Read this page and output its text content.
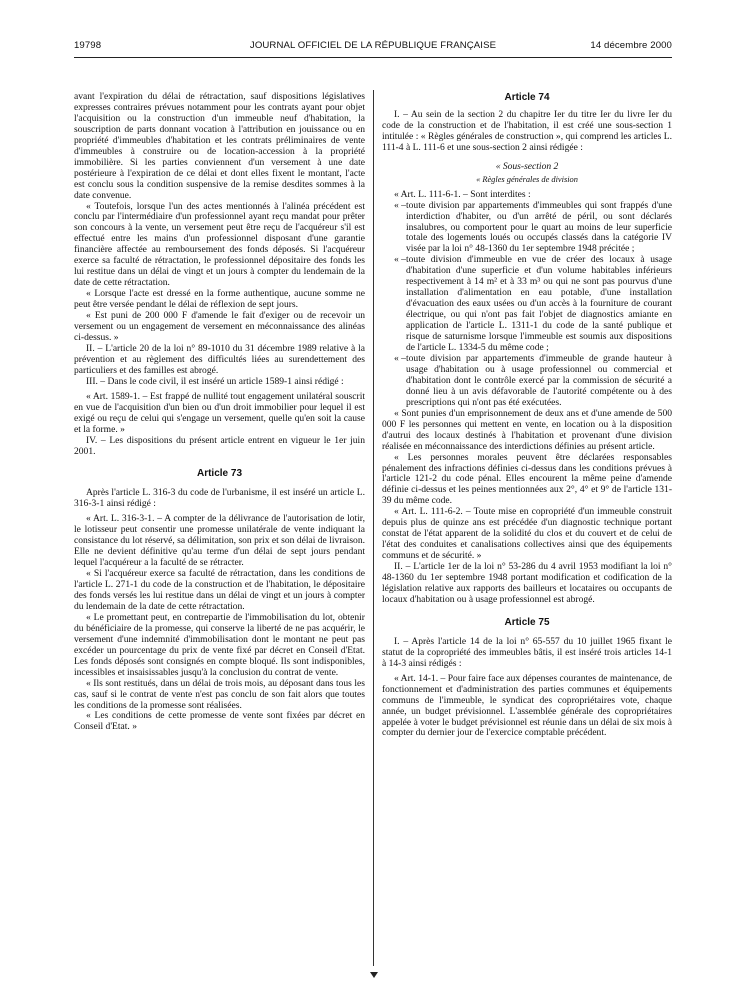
19798	JOURNAL OFFICIEL DE LA RÉPUBLIQUE FRANÇAISE	14 décembre 2000

avant l'expiration du délai de rétractation, sauf dispositions législatives expresses contraires prévues notamment pour les contrats ayant pour objet l'acquisition ou la construction d'un immeuble neuf d'habitation, la souscription de parts donnant vocation à l'attribution en jouissance ou en propriété d'immeubles d'habitation et les contrats préliminaires de vente d'immeubles à construire ou de location-accession à la propriété immobilière. Si les parties conviennent d'un versement à une date postérieure à l'expiration de ce délai et dont elles fixent le montant, l'acte est conclu sous la condition suspensive de la remise desdites sommes à la date convenue.

« Toutefois, lorsque l'un des actes mentionnés à l'alinéa précédent est conclu par l'intermédiaire d'un professionnel ayant reçu mandat pour prêter son concours à la vente, un versement peut être reçu de l'acquéreur s'il est effectué entre les mains d'un professionnel disposant d'une garantie financière affectée au remboursement des fonds déposés. Si l'acquéreur exerce sa faculté de rétractation, le professionnel dépositaire des fonds les lui restitue dans un délai de vingt et un jours à compter du lendemain de la date de cette rétractation.

« Lorsque l'acte est dressé en la forme authentique, aucune somme ne peut être versée pendant le délai de réflexion de sept jours.

« Est puni de 200 000 F d'amende le fait d'exiger ou de recevoir un versement ou un engagement de versement en méconnaissance des alinéas ci-dessus. »

II. – L'article 20 de la loi n° 89-1010 du 31 décembre 1989 relative à la prévention et au règlement des difficultés liées au surendettement des particuliers et des familles est abrogé.

III. – Dans le code civil, il est inséré un article 1589-1 ainsi rédigé :

« Art. 1589-1. – Est frappé de nullité tout engagement unilatéral souscrit en vue de l'acquisition d'un bien ou d'un droit immobilier pour lequel il est exigé ou reçu de celui qui s'engage un versement, quelle qu'en soit la cause et la forme. »

IV. – Les dispositions du présent article entrent en vigueur le 1er juin 2001.

Article 73

Après l'article L. 316-3 du code de l'urbanisme, il est inséré un article L. 316-3-1 ainsi rédigé :

« Art. L. 316-3-1. – A compter de la délivrance de l'autorisation de lotir, le lotisseur peut consentir une promesse unilatérale de vente indiquant la consistance du lot réservé, sa délimitation, son prix et son délai de livraison. Elle ne devient définitive qu'au terme d'un délai de sept jours pendant lequel l'acquéreur a la faculté de se rétracter.

« Si l'acquéreur exerce sa faculté de rétractation, dans les conditions de l'article L. 271-1 du code de la construction et de l'habitation, le dépositaire des fonds versés les lui restitue dans un délai de vingt et un jours à compter du lendemain de la date de cette rétractation.

« Le promettant peut, en contrepartie de l'immobilisation du lot, obtenir du bénéficiaire de la promesse, qui conserve la liberté de ne pas acquérir, le versement d'une indemnité d'immobilisation dont le montant ne peut pas excéder un pourcentage du prix de vente fixé par décret en Conseil d'Etat. Les fonds déposés sont consignés en compte bloqué. Ils sont indisponibles, incessibles et insaisissables jusqu'à la conclusion du contrat de vente.

« Ils sont restitués, dans un délai de trois mois, au déposant dans tous les cas, sauf si le contrat de vente n'est pas conclu de son fait alors que toutes les conditions de la promesse sont réalisées.

« Les conditions de cette promesse de vente sont fixées par décret en Conseil d'Etat. »

Article 74

I. – Au sein de la section 2 du chapitre Ier du titre Ier du livre Ier du code de la construction et de l'habitation, il est créé une sous-section 1 intitulée : « Règles générales de construction », qui comprend les articles L. 111-4 à L. 111-6 et une sous-section 2 ainsi rédigée :

« Sous-section 2
« Règles générales de division

« Art. L. 111-6-1. – Sont interdites :

« – toute division par appartements d'immeubles qui sont frappés d'une interdiction d'habiter, ou d'un arrêté de péril, ou sont déclarés insalubres, ou comportent pour le quart au moins de leur superficie totale des logements loués ou occupés classés dans la catégorie IV visée par la loi n° 48-1360 du 1er septembre 1948 précitée ;
« – toute division d'immeuble en vue de créer des locaux à usage d'habitation d'une superficie et d'un volume habitables inférieurs respectivement à 14 m² et à 33 m³ ou qui ne sont pas pourvus d'une installation d'alimentation en eau potable, d'une installation d'évacuation des eaux usées ou d'un accès à la fourniture de courant électrique, ou qui n'ont pas fait l'objet de diagnostics amiante en application de l'article L. 1311-1 du code de la santé publique et risque de saturnisme lorsque l'immeuble est soumis aux dispositions de l'article L. 1334-5 du même code ;
« – toute division par appartements d'immeuble de grande hauteur à usage d'habitation ou à usage professionnel ou commercial et d'habitation dont le contrôle exercé par la commission de sécurité a donné lieu à un avis défavorable de l'autorité compétente ou à des prescriptions qui n'ont pas été exécutées.

« Sont punies d'un emprisonnement de deux ans et d'une amende de 500 000 F les personnes qui mettent en vente, en location ou à la disposition d'autrui des locaux destinés à l'habitation et provenant d'une division réalisée en méconnaissance des interdictions définies au présent article.

« Les personnes morales peuvent être déclarées responsables pénalement des infractions définies ci-dessus dans les conditions prévues à l'article 121-2 du code pénal. Elles encourent la même peine d'amende définie ci-dessus et les peines mentionnées aux 2°, 4° et 9° de l'article 131-39 du même code.

« Art. L. 111-6-2. – Toute mise en copropriété d'un immeuble construit depuis plus de quinze ans est précédée d'un diagnostic technique portant constat de l'état apparent de la solidité du clos et du couvert et de celui de l'état des conduites et canalisations collectives ainsi que des équipements communs et de sécurité. »

II. – L'article 1er de la loi n° 53-286 du 4 avril 1953 modifiant la loi n° 48-1360 du 1er septembre 1948 portant modification et codification de la législation relative aux rapports des bailleurs et locataires ou occupants de locaux d'habitation ou à usage professionnel est abrogé.

Article 75

I. – Après l'article 14 de la loi n° 65-557 du 10 juillet 1965 fixant le statut de la copropriété des immeubles bâtis, il est inséré trois articles 14-1 à 14-3 ainsi rédigés :

« Art. 14-1. – Pour faire face aux dépenses courantes de maintenance, de fonctionnement et d'administration des parties communes et équipements communs de l'immeuble, le syndicat des copropriétaires vote, chaque année, un budget prévisionnel. L'assemblée générale des copropriétaires appelée à voter le budget prévisionnel est réunie dans un délai de six mois à compter du dernier jour de l'exercice comptable précédent.
